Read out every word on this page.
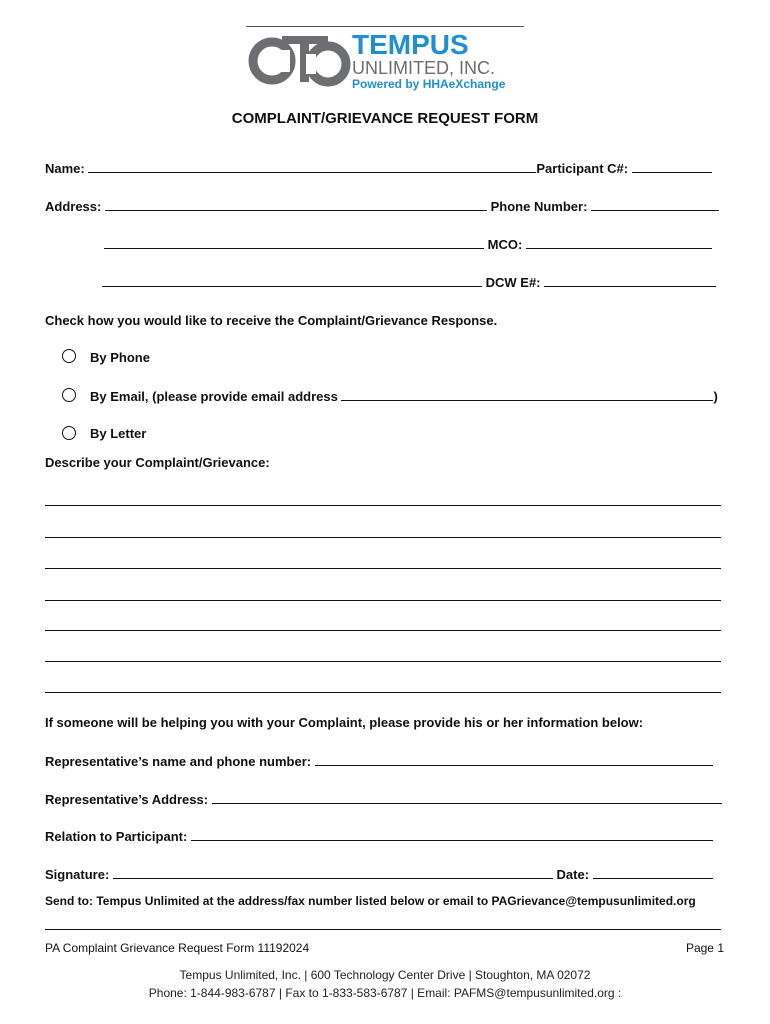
TEMPUS
UNLIMITED, INC.
Powered by HHAeXchange
COMPLAINT/GRIEVANCE REQUEST FORM
Name:	Participant C#:
Address:	Phone Number:
MCO:
DCW E#:
Check how you would like to receive the Complaint/Grievance Response.
By Phone
By Email, (please provide email address	)
By Letter
Describe your Complaint/Grievance:
If someone will be helping you with your Complaint, please provide his or her information below:
Representative’s name and phone number:
Representative’s Address:
Relation to Participant:
Signature:	Date:
Send to: Tempus Unlimited at the address/fax number listed below or email to PAGrievance@tempusunlimited.org
PA Complaint Grievance Request Form 11192024	Page 1
Tempus Unlimited, Inc. | 600 Technology Center Drive | Stoughton, MA 02072
Phone: 1-844-983-6787 | Fax to 1-833-583-6787 | Email: PAFMS@tempusunlimited.org :
